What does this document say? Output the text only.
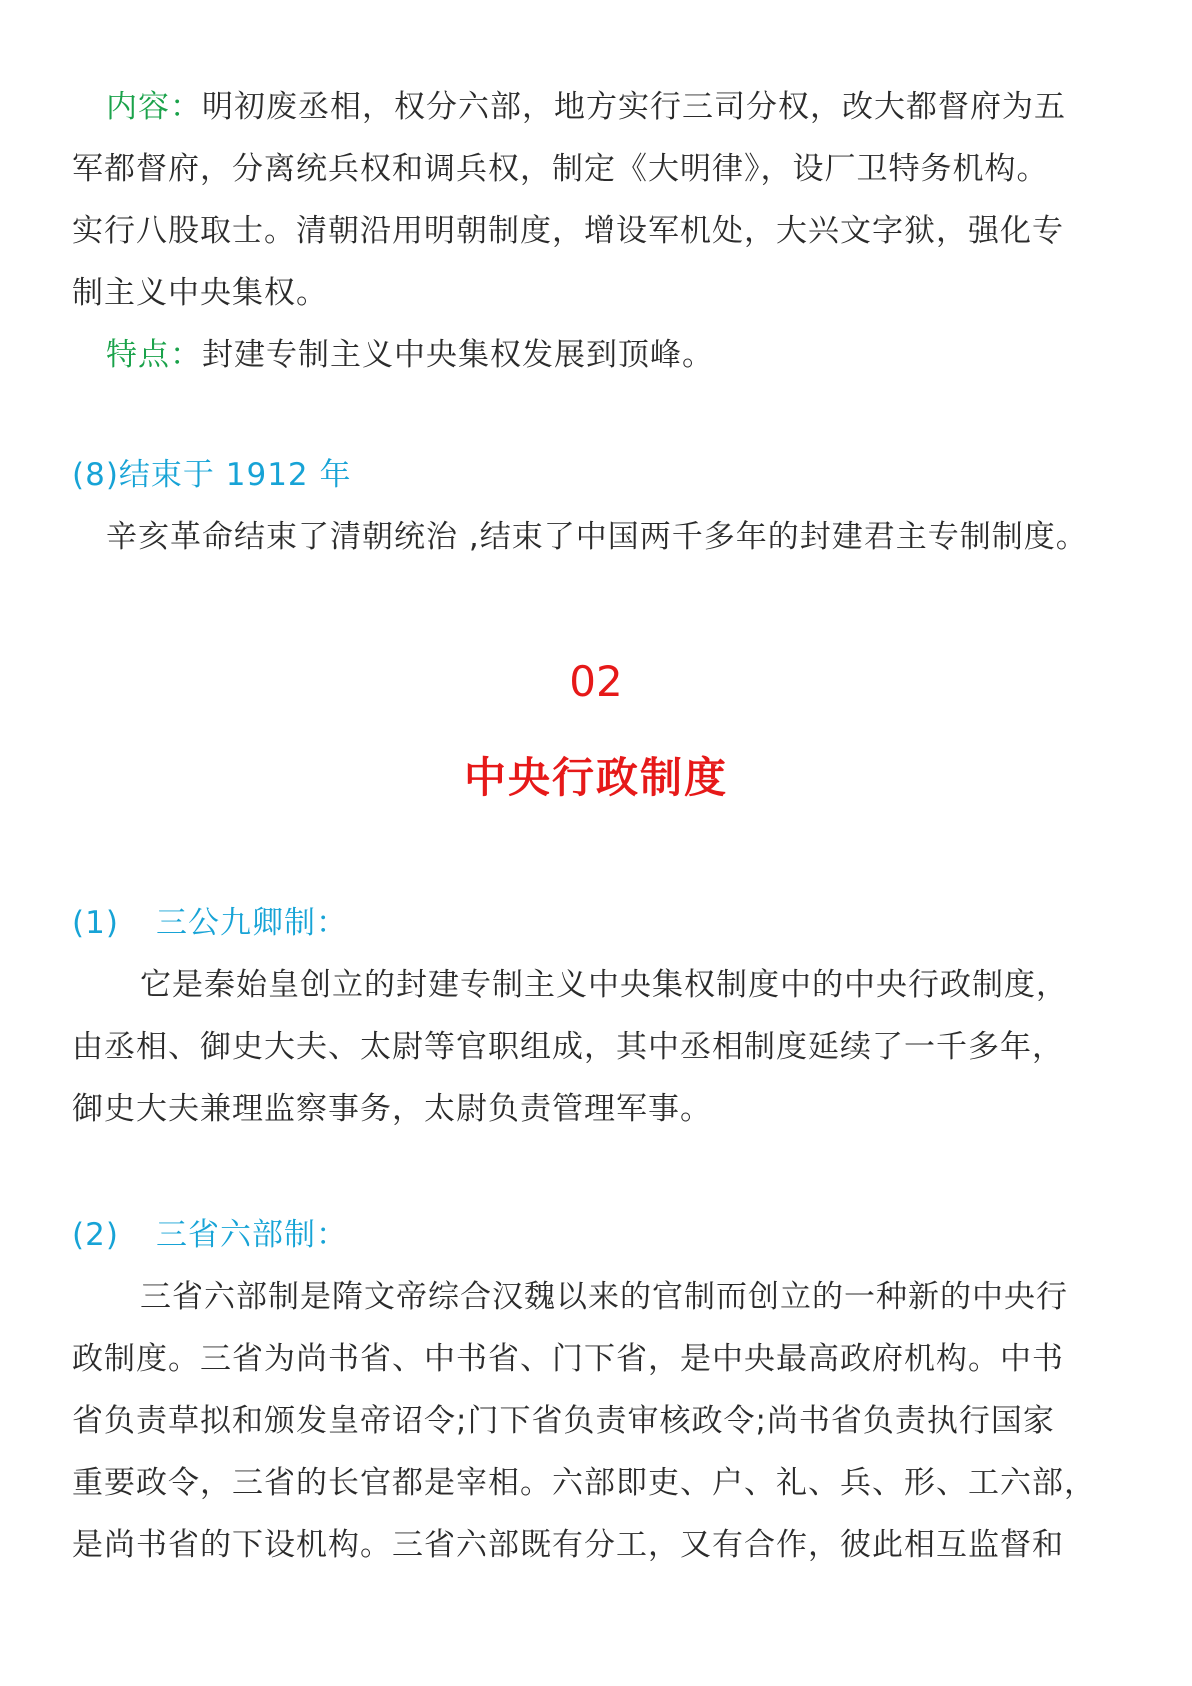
内容：明初废丞相，权分六部，地方实行三司分权，改大都督府为五

军都督府，分离统兵权和调兵权，制定《大明律》，设厂卫特务机构。

实行八股取士。清朝沿用明朝制度，增设军机处，大兴文字狱，强化专

制主义中央集权。

特点：封建专制主义中央集权发展到顶峰。

(8)结束于 1912 年

辛亥革命结束了清朝统治 ,结束了中国两千多年的封建君主专制制度。

02
中央行政制度

(1) 三公九卿制：

它是秦始皇创立的封建专制主义中央集权制度中的中央行政制度，

由丞相、御史大夫、太尉等官职组成，其中丞相制度延续了一千多年，

御史大夫兼理监察事务，太尉负责管理军事。

(2) 三省六部制：

三省六部制是隋文帝综合汉魏以来的官制而创立的一种新的中央行

政制度。三省为尚书省、中书省、门下省，是中央最高政府机构。中书

省负责草拟和颁发皇帝诏令;门下省负责审核政令;尚书省负责执行国家

重要政令，三省的长官都是宰相。六部即吏、户、礼、兵、形、工六部，

是尚书省的下设机构。三省六部既有分工，又有合作，彼此相互监督和
